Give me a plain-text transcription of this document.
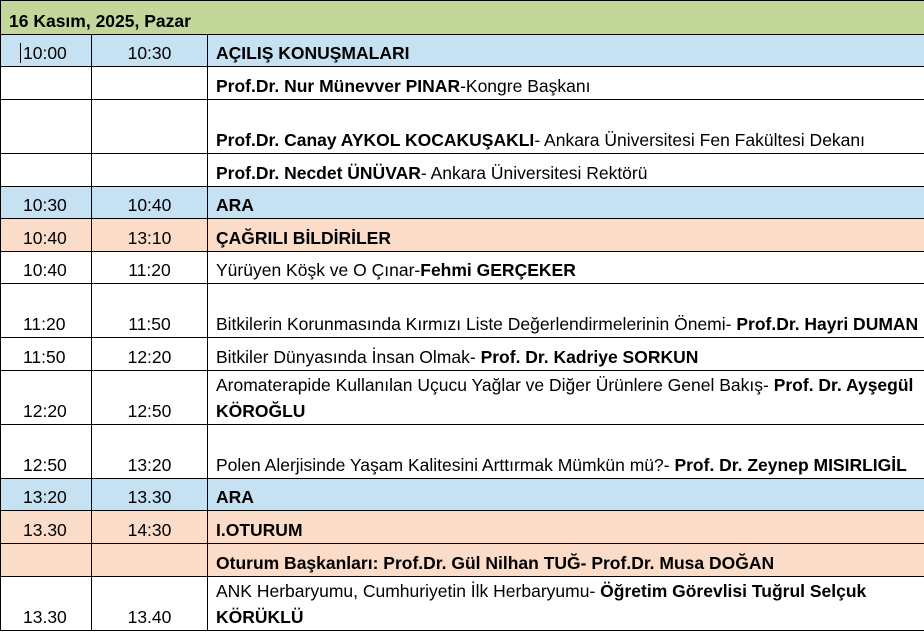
16 Kasım, 2025, Pazar		
10:00	10:30	AÇILIŞ KONUŞMALARI
		Prof.Dr. Nur Münevver PINAR-Kongre Başkanı
		Prof.Dr. Canay AYKOL KOCAKUŞAKLI- Ankara Üniversitesi Fen Fakültesi Dekanı
		Prof.Dr. Necdet ÜNÜVAR- Ankara Üniversitesi Rektörü
10:30	10:40	ARA
10:40	13:10	ÇAĞRILI BİLDİRİLER
10:40	11:20	Yürüyen Köşk ve O Çınar-Fehmi GERÇEKER
11:20	11:50	Bitkilerin Korunmasında Kırmızı Liste Değerlendirmelerinin Önemi- Prof.Dr. Hayri DUMAN
11:50	12:20	Bitkiler Dünyasında İnsan Olmak- Prof. Dr. Kadriye SORKUN
12:20	12:50	Aromaterapide Kullanılan Uçucu Yağlar ve Diğer Ürünlere Genel Bakış- Prof. Dr. Ayşegül KÖROĞLU
12:50	13:20	Polen Alerjisinde Yaşam Kalitesini Arttırmak Mümkün mü?- Prof. Dr. Zeynep MISIRLIGİL
13:20	13.30	ARA
13.30	14:30	I.OTURUM
		Oturum Başkanları: Prof.Dr. Gül Nilhan TUĞ- Prof.Dr. Musa DOĞAN
13.30	13.40	ANK Herbaryumu, Cumhuriyetin İlk Herbaryumu- Öğretim Görevlisi Tuğrul Selçuk KÖRÜKLÜ
